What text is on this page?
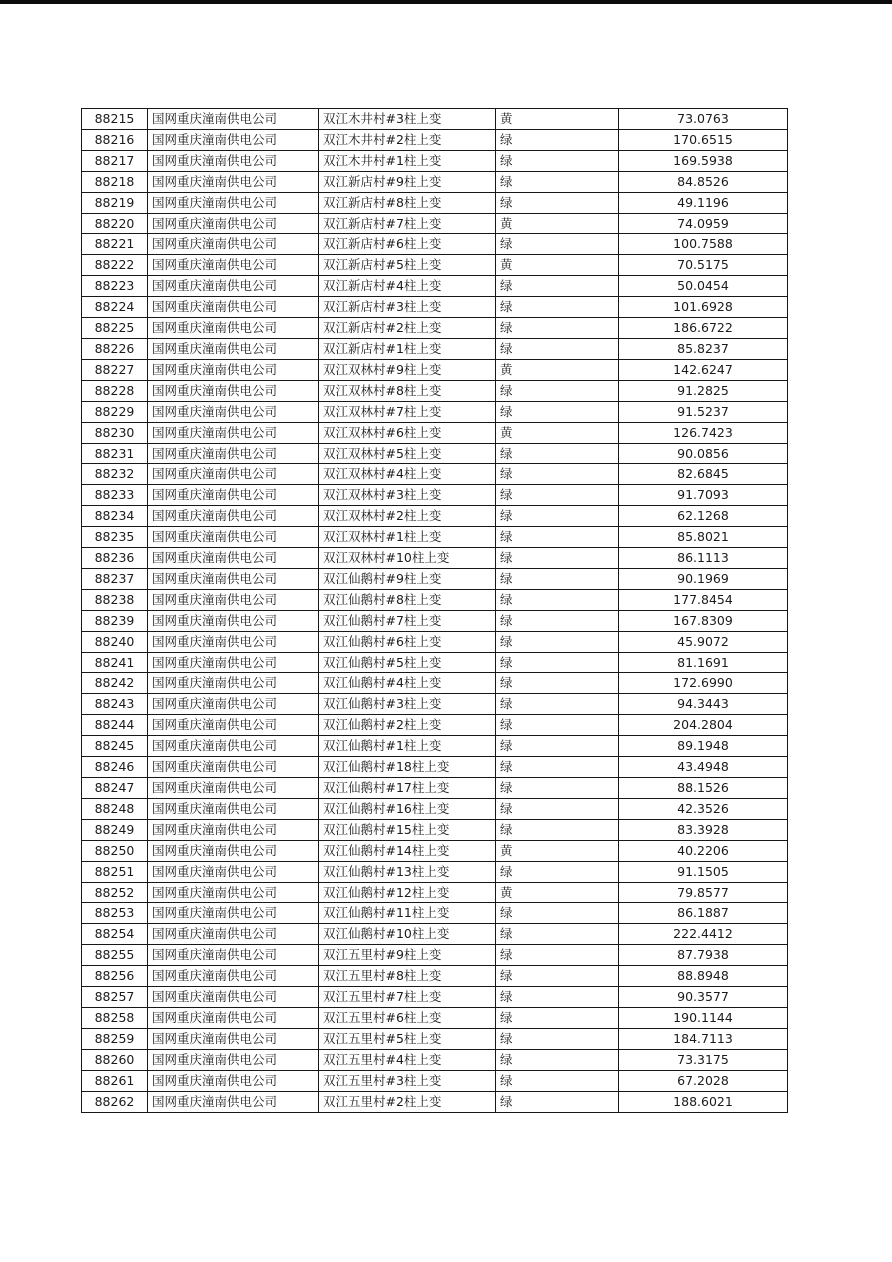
88215	国网重庆潼南供电公司	双江木井村#3柱上变	黄	73.0763
88216	国网重庆潼南供电公司	双江木井村#2柱上变	绿	170.6515
88217	国网重庆潼南供电公司	双江木井村#1柱上变	绿	169.5938
88218	国网重庆潼南供电公司	双江新店村#9柱上变	绿	84.8526
88219	国网重庆潼南供电公司	双江新店村#8柱上变	绿	49.1196
88220	国网重庆潼南供电公司	双江新店村#7柱上变	黄	74.0959
88221	国网重庆潼南供电公司	双江新店村#6柱上变	绿	100.7588
88222	国网重庆潼南供电公司	双江新店村#5柱上变	黄	70.5175
88223	国网重庆潼南供电公司	双江新店村#4柱上变	绿	50.0454
88224	国网重庆潼南供电公司	双江新店村#3柱上变	绿	101.6928
88225	国网重庆潼南供电公司	双江新店村#2柱上变	绿	186.6722
88226	国网重庆潼南供电公司	双江新店村#1柱上变	绿	85.8237
88227	国网重庆潼南供电公司	双江双林村#9柱上变	黄	142.6247
88228	国网重庆潼南供电公司	双江双林村#8柱上变	绿	91.2825
88229	国网重庆潼南供电公司	双江双林村#7柱上变	绿	91.5237
88230	国网重庆潼南供电公司	双江双林村#6柱上变	黄	126.7423
88231	国网重庆潼南供电公司	双江双林村#5柱上变	绿	90.0856
88232	国网重庆潼南供电公司	双江双林村#4柱上变	绿	82.6845
88233	国网重庆潼南供电公司	双江双林村#3柱上变	绿	91.7093
88234	国网重庆潼南供电公司	双江双林村#2柱上变	绿	62.1268
88235	国网重庆潼南供电公司	双江双林村#1柱上变	绿	85.8021
88236	国网重庆潼南供电公司	双江双林村#10柱上变	绿	86.1113
88237	国网重庆潼南供电公司	双江仙鹅村#9柱上变	绿	90.1969
88238	国网重庆潼南供电公司	双江仙鹅村#8柱上变	绿	177.8454
88239	国网重庆潼南供电公司	双江仙鹅村#7柱上变	绿	167.8309
88240	国网重庆潼南供电公司	双江仙鹅村#6柱上变	绿	45.9072
88241	国网重庆潼南供电公司	双江仙鹅村#5柱上变	绿	81.1691
88242	国网重庆潼南供电公司	双江仙鹅村#4柱上变	绿	172.6990
88243	国网重庆潼南供电公司	双江仙鹅村#3柱上变	绿	94.3443
88244	国网重庆潼南供电公司	双江仙鹅村#2柱上变	绿	204.2804
88245	国网重庆潼南供电公司	双江仙鹅村#1柱上变	绿	89.1948
88246	国网重庆潼南供电公司	双江仙鹅村#18柱上变	绿	43.4948
88247	国网重庆潼南供电公司	双江仙鹅村#17柱上变	绿	88.1526
88248	国网重庆潼南供电公司	双江仙鹅村#16柱上变	绿	42.3526
88249	国网重庆潼南供电公司	双江仙鹅村#15柱上变	绿	83.3928
88250	国网重庆潼南供电公司	双江仙鹅村#14柱上变	黄	40.2206
88251	国网重庆潼南供电公司	双江仙鹅村#13柱上变	绿	91.1505
88252	国网重庆潼南供电公司	双江仙鹅村#12柱上变	黄	79.8577
88253	国网重庆潼南供电公司	双江仙鹅村#11柱上变	绿	86.1887
88254	国网重庆潼南供电公司	双江仙鹅村#10柱上变	绿	222.4412
88255	国网重庆潼南供电公司	双江五里村#9柱上变	绿	87.7938
88256	国网重庆潼南供电公司	双江五里村#8柱上变	绿	88.8948
88257	国网重庆潼南供电公司	双江五里村#7柱上变	绿	90.3577
88258	国网重庆潼南供电公司	双江五里村#6柱上变	绿	190.1144
88259	国网重庆潼南供电公司	双江五里村#5柱上变	绿	184.7113
88260	国网重庆潼南供电公司	双江五里村#4柱上变	绿	73.3175
88261	国网重庆潼南供电公司	双江五里村#3柱上变	绿	67.2028
88262	国网重庆潼南供电公司	双江五里村#2柱上变	绿	188.6021
